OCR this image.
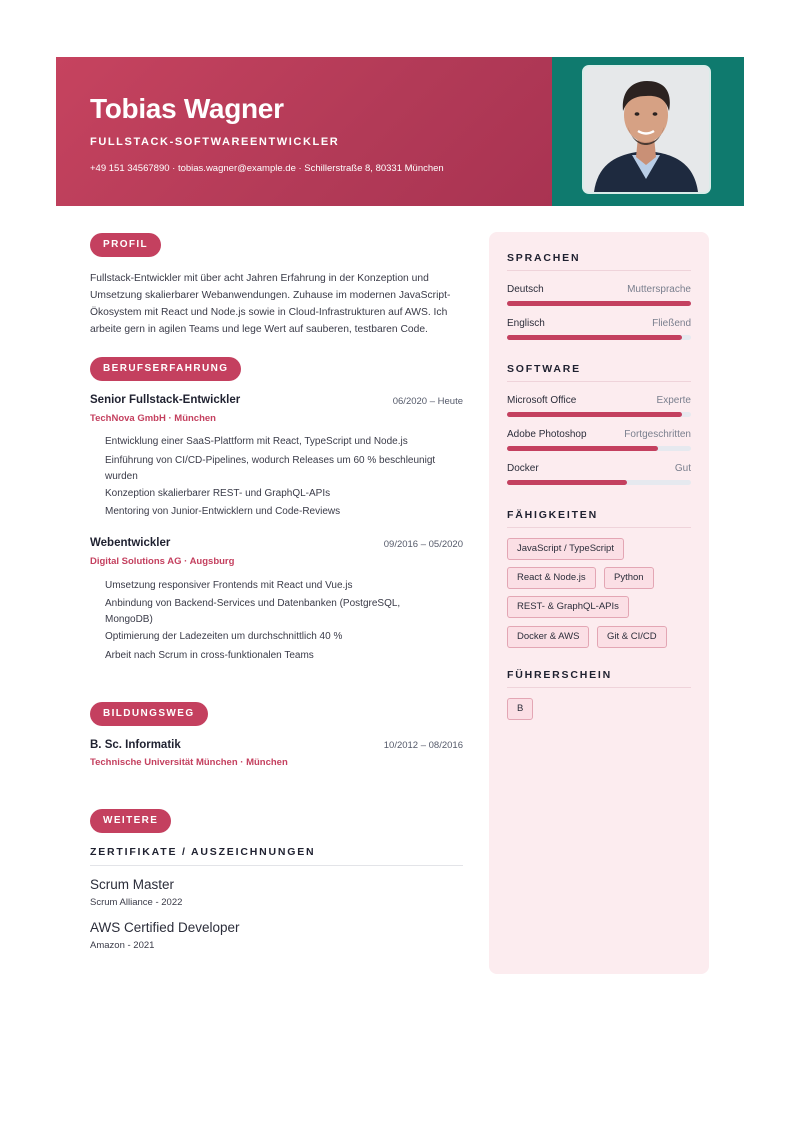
Tobias Wagner
FULLSTACK-SOFTWAREENTWICKLER
+49 151 34567890 · tobias.wagner@example.de · Schillerstraße 8, 80331 München
PROFIL
Fullstack-Entwickler mit über acht Jahren Erfahrung in der Konzeption und
Umsetzung skalierbarer Webanwendungen. Zuhause im modernen JavaScript-
Ökosystem mit React und Node.js sowie in Cloud-Infrastrukturen auf AWS. Ich
arbeite gern in agilen Teams und lege Wert auf sauberen, testbaren Code.
BERUFSERFAHRUNG
Senior Fullstack-Entwickler	06/2020 – Heute
TechNova GmbH · München
Entwicklung einer SaaS-Plattform mit React, TypeScript und Node.js
Einführung von CI/CD-Pipelines, wodurch Releases um 60 % beschleunigt
wurden
Konzeption skalierbarer REST- und GraphQL-APIs
Mentoring von Junior-Entwicklern und Code-Reviews
Webentwickler	09/2016 – 05/2020
Digital Solutions AG · Augsburg
Umsetzung responsiver Frontends mit React und Vue.js
Anbindung von Backend-Services und Datenbanken (PostgreSQL,
MongoDB)
Optimierung der Ladezeiten um durchschnittlich 40 %
Arbeit nach Scrum in cross-funktionalen Teams
BILDUNGSWEG
B. Sc. Informatik	10/2012 – 08/2016
Technische Universität München · München
WEITERE
ZERTIFIKATE / AUSZEICHNUNGEN
Scrum Master
Scrum Alliance - 2022
AWS Certified Developer
Amazon - 2021
SPRACHEN
Deutsch	Muttersprache
Englisch	Fließend
SOFTWARE
Microsoft Office	Experte
Adobe Photoshop	Fortgeschritten
Docker	Gut
FÄHIGKEITEN
JavaScript / TypeScript
React & Node.js	Python
REST- & GraphQL-APIs
Docker & AWS	Git & CI/CD
FÜHRERSCHEIN
B
